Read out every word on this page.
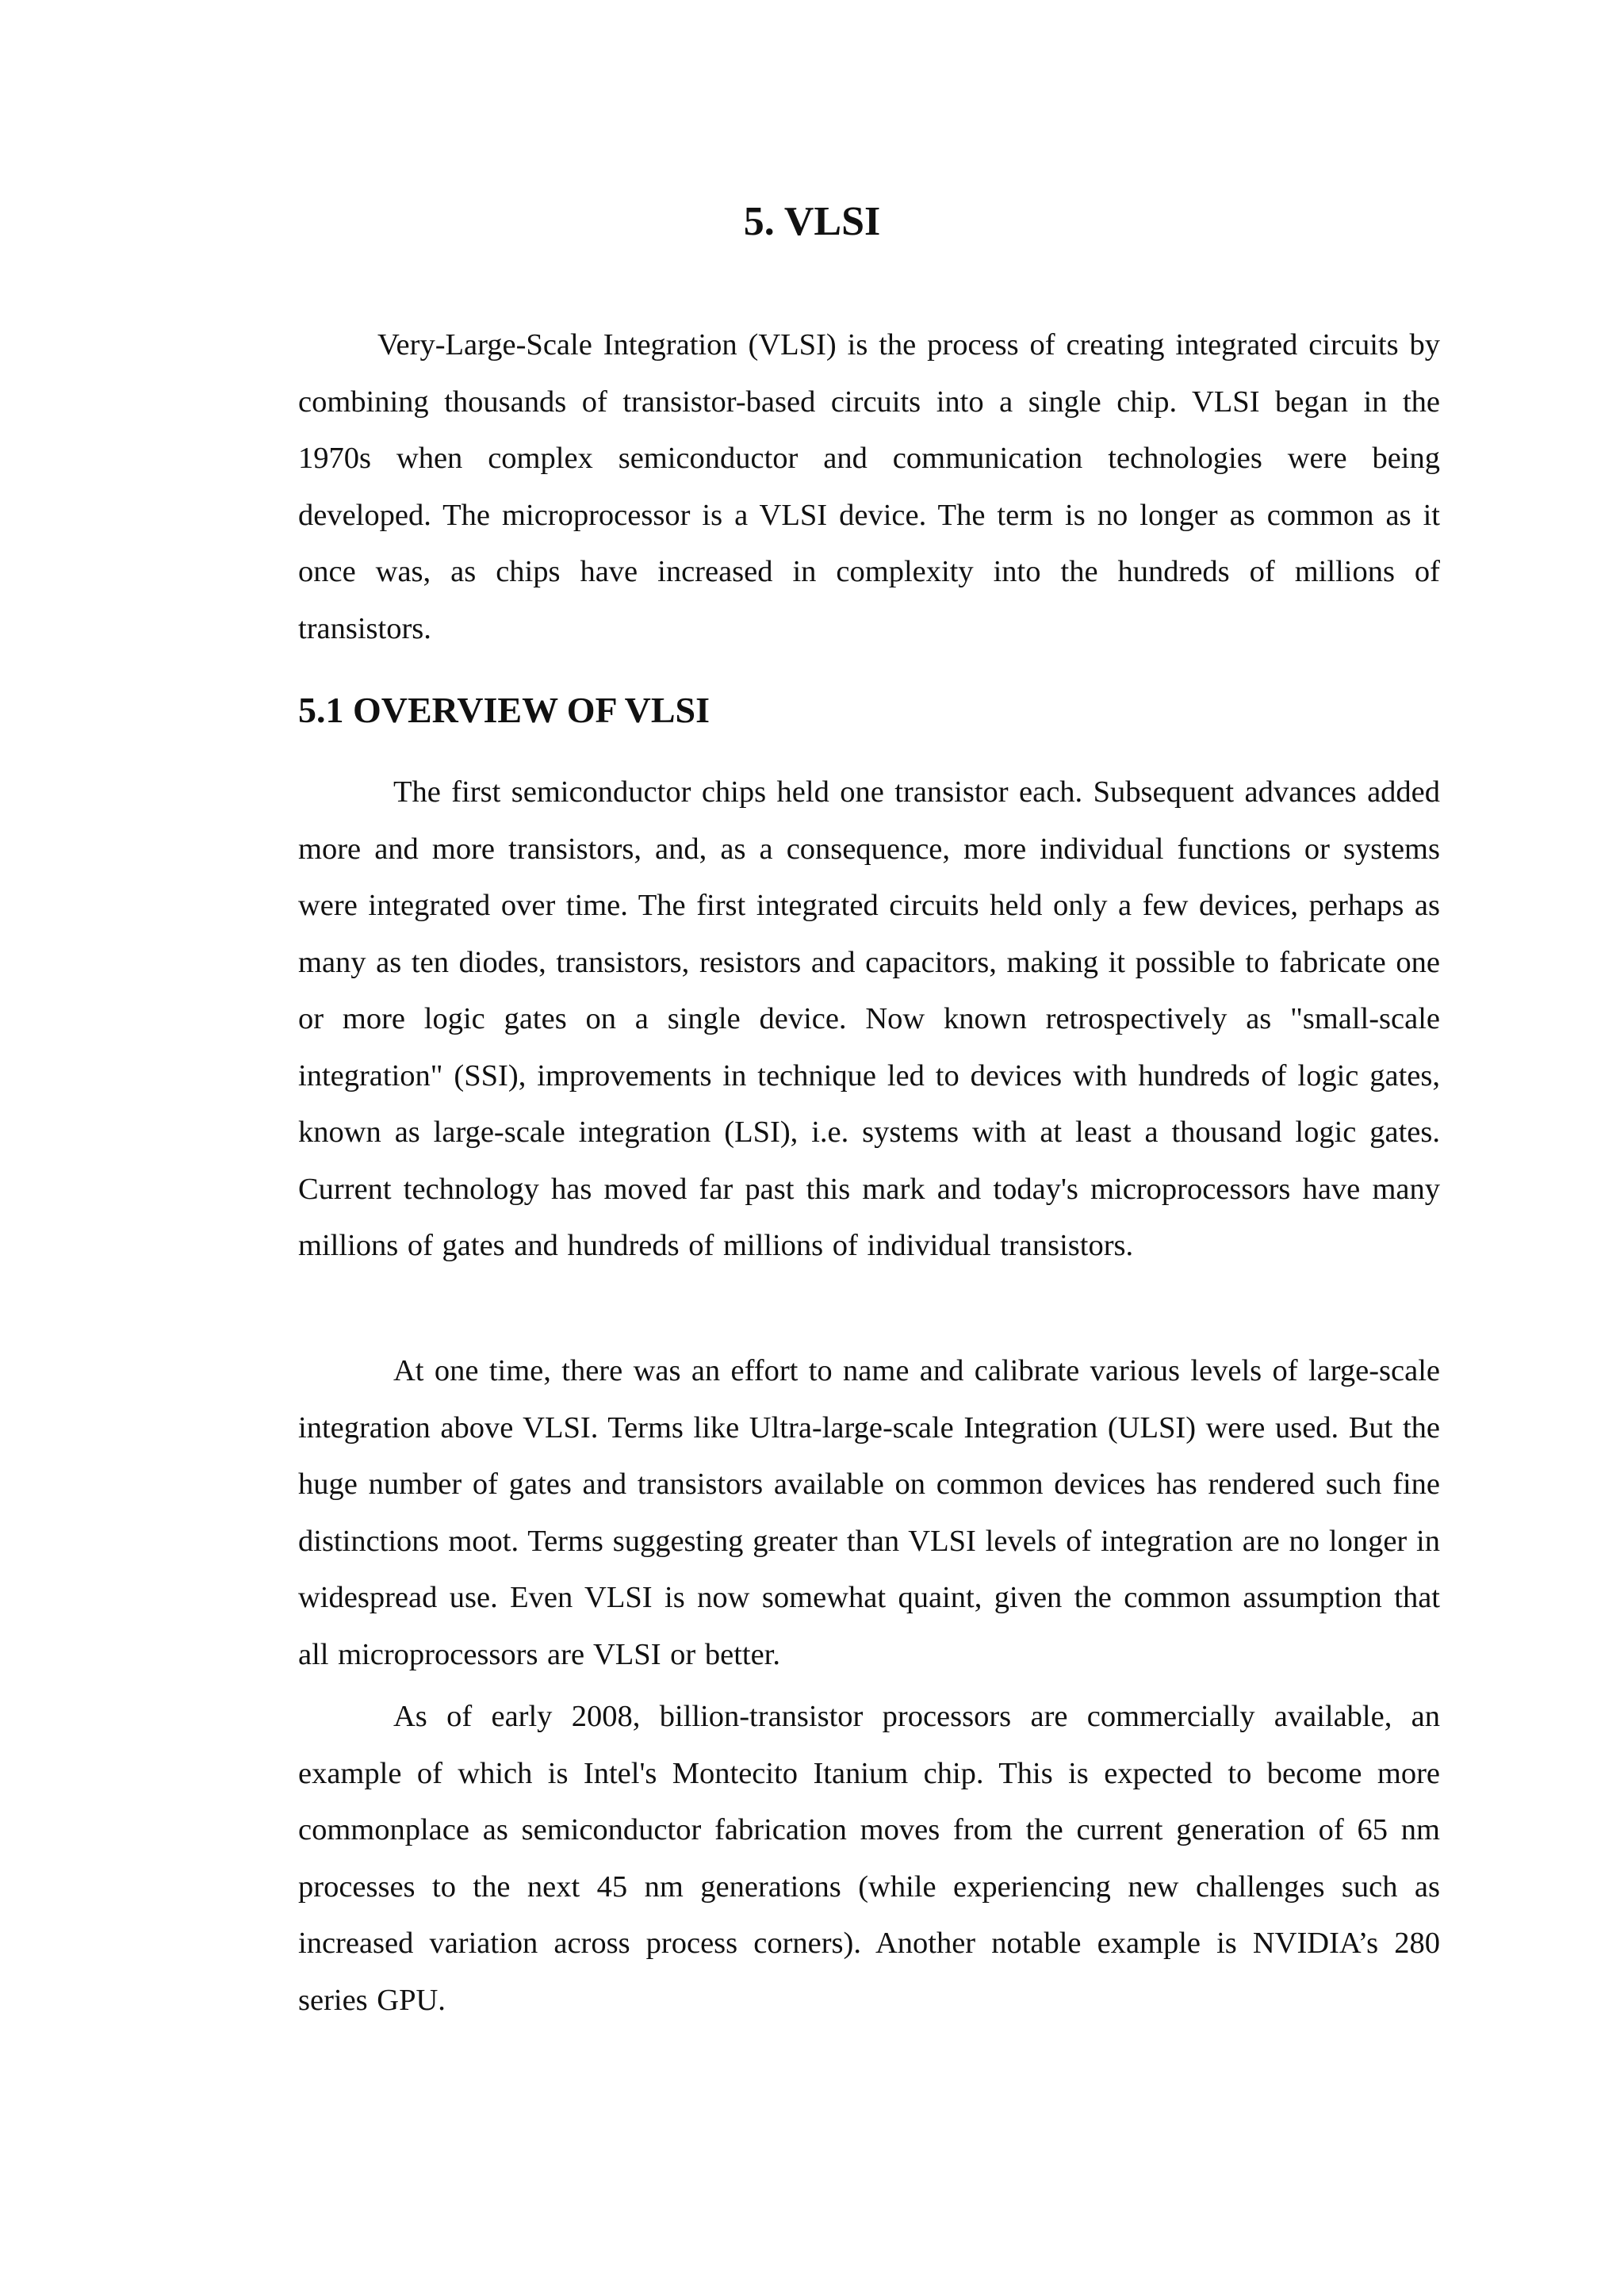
5. VLSI

Very-Large-Scale Integration (VLSI) is the process of creating integrated circuits by combining thousands of transistor-based circuits into a single chip. VLSI began in the 1970s when complex semiconductor and communication technologies were being developed. The microprocessor is a VLSI device. The term is no longer as common as it once was, as chips have increased in complexity into the hundreds of millions of transistors.

5.1 OVERVIEW OF VLSI

The first semiconductor chips held one transistor each. Subsequent advances added more and more transistors, and, as a consequence, more individual functions or systems were integrated over time. The first integrated circuits held only a few devices, perhaps as many as ten diodes, transistors, resistors and capacitors, making it possible to fabricate one or more logic gates on a single device. Now known retrospectively as "small-scale integration" (SSI), improvements in technique led to devices with hundreds of logic gates, known as large-scale integration (LSI), i.e. systems with at least a thousand logic gates. Current technology has moved far past this mark and today's microprocessors have many millions of gates and hundreds of millions of individual transistors.

At one time, there was an effort to name and calibrate various levels of large-scale integration above VLSI. Terms like Ultra-large-scale Integration (ULSI) were used. But the huge number of gates and transistors available on common devices has rendered such fine distinctions moot. Terms suggesting greater than VLSI levels of integration are no longer in widespread use. Even VLSI is now somewhat quaint, given the common assumption that all microprocessors are VLSI or better.

As of early 2008, billion-transistor processors are commercially available, an example of which is Intel's Montecito Itanium chip. This is expected to become more commonplace as semiconductor fabrication moves from the current generation of 65 nm processes to the next 45 nm generations (while experiencing new challenges such as increased variation across process corners). Another notable example is NVIDIA’s 280 series GPU.
